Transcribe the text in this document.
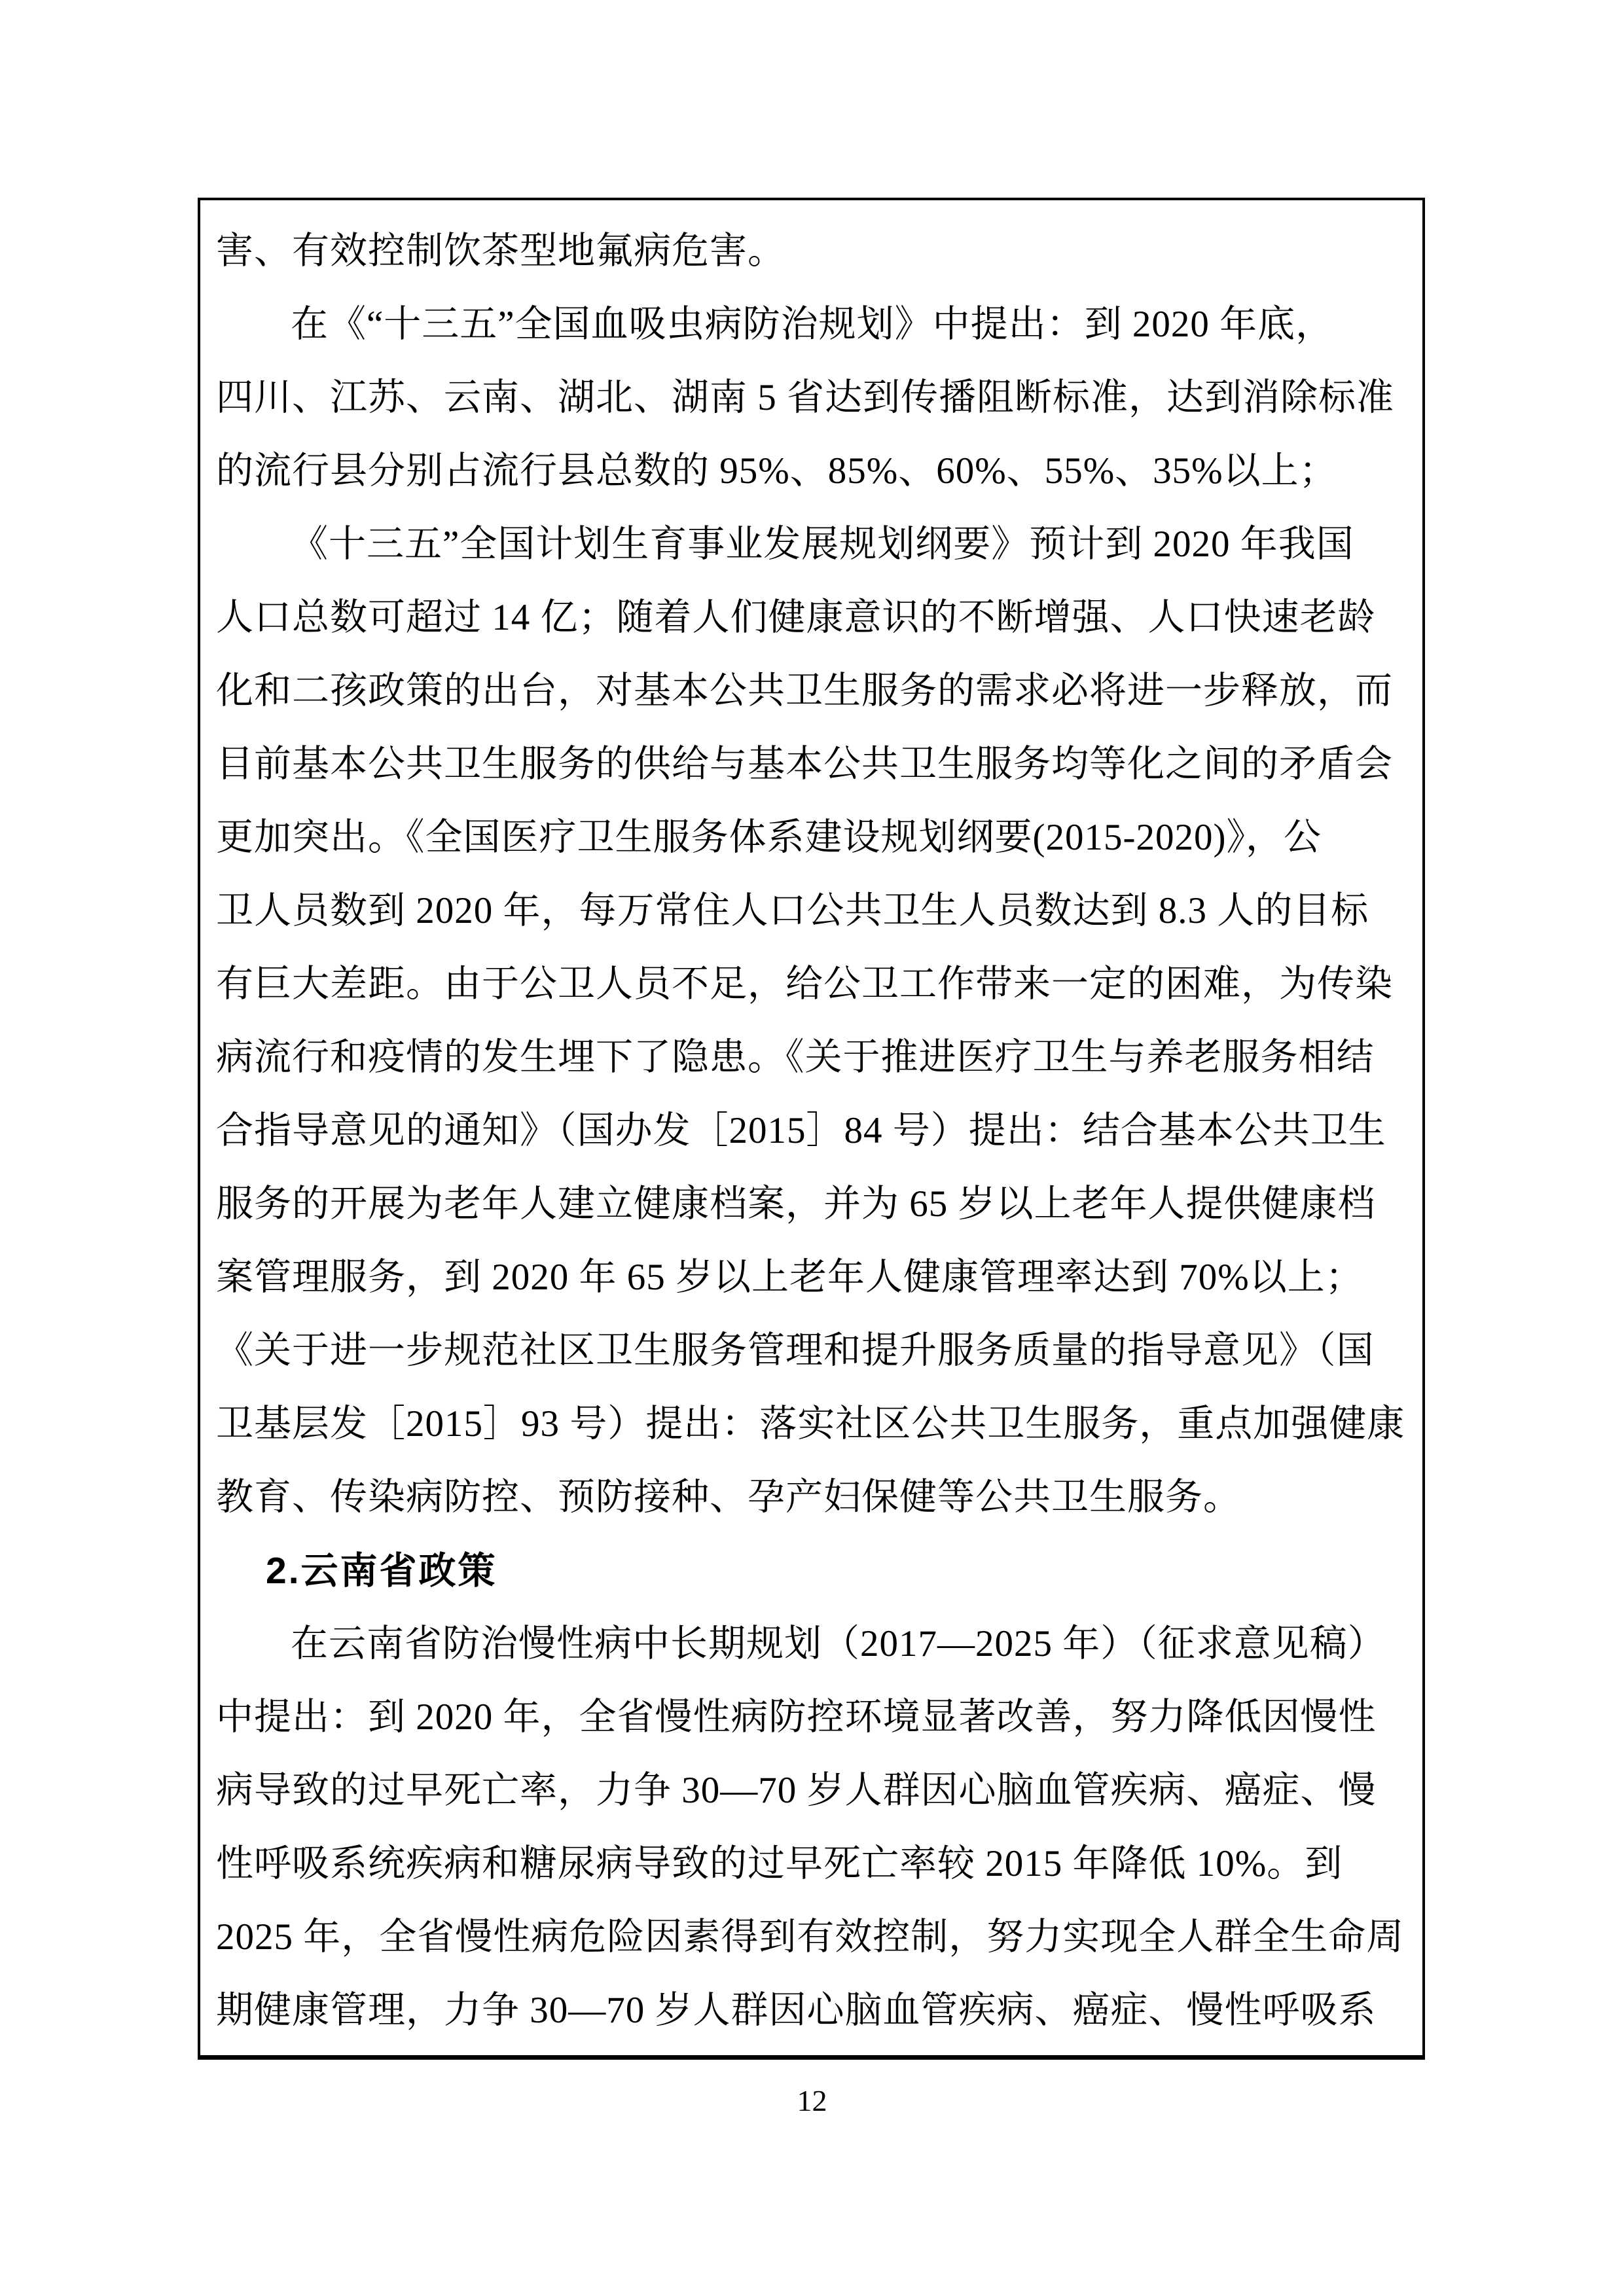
害、有效控制饮茶型地氟病危害。
在《“十三五”全国血吸虫病防治规划》中提出：到 2020 年底，
四川、江苏、云南、湖北、湖南 5 省达到传播阻断标准，达到消除标准
的流行县分别占流行县总数的 95%、85%、60%、55%、35%以上；
《十三五”全国计划生育事业发展规划纲要》预计到 2020 年我国
人口总数可超过 14 亿；随着人们健康意识的不断增强、人口快速老龄
化和二孩政策的出台，对基本公共卫生服务的需求必将进一步释放，而
目前基本公共卫生服务的供给与基本公共卫生服务均等化之间的矛盾会
更加突出。《全国医疗卫生服务体系建设规划纲要(2015-2020)》，公
卫人员数到 2020 年，每万常住人口公共卫生人员数达到 8.3 人的目标
有巨大差距。由于公卫人员不足，给公卫工作带来一定的困难，为传染
病流行和疫情的发生埋下了隐患。《关于推进医疗卫生与养老服务相结
合指导意见的通知》（国办发［2015］84 号）提出：结合基本公共卫生
服务的开展为老年人建立健康档案，并为 65 岁以上老年人提供健康档
案管理服务，到 2020 年 65 岁以上老年人健康管理率达到 70%以上；
《关于进一步规范社区卫生服务管理和提升服务质量的指导意见》（国
卫基层发［2015］93 号）提出：落实社区公共卫生服务，重点加强健康
教育、传染病防控、预防接种、孕产妇保健等公共卫生服务。
2.云南省政策
在云南省防治慢性病中长期规划（2017—2025 年）（征求意见稿）
中提出：到 2020 年，全省慢性病防控环境显著改善，努力降低因慢性
病导致的过早死亡率，力争 30—70 岁人群因心脑血管疾病、癌症、慢
性呼吸系统疾病和糖尿病导致的过早死亡率较 2015 年降低 10%。到
2025 年，全省慢性病危险因素得到有效控制，努力实现全人群全生命周
期健康管理，力争 30—70 岁人群因心脑血管疾病、癌症、慢性呼吸系
12
